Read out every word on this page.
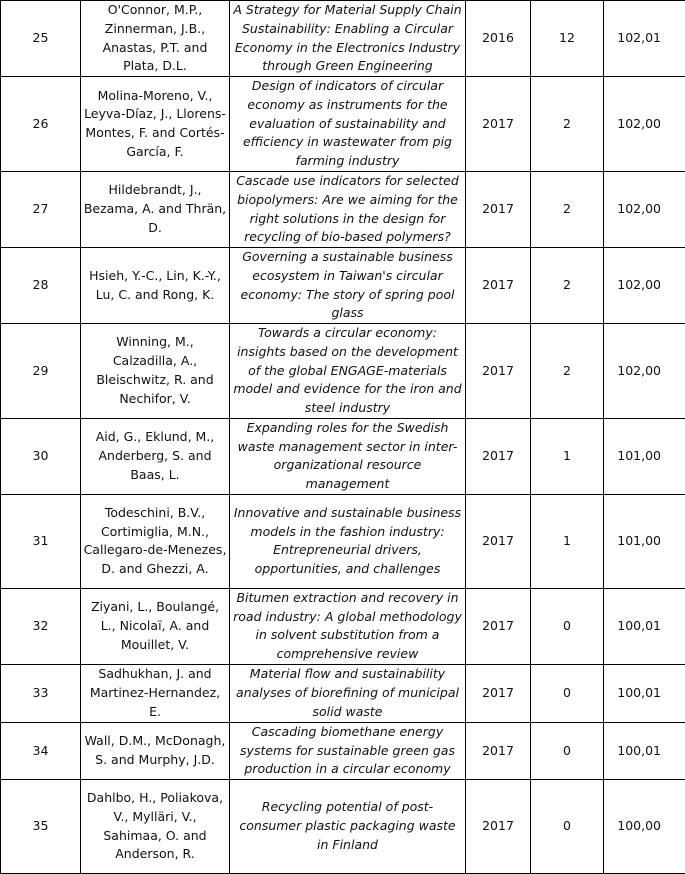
25	O'Connor, M.P., Zinnerman, J.B., Anastas, P.T. and Plata, D.L.	A Strategy for Material Supply Chain Sustainability: Enabling a Circular Economy in the Electronics Industry through Green Engineering	2016	12	102,01
26	Molina-Moreno, V., Leyva-Díaz, J., Llorens-Montes, F. and Cortés-García, F.	Design of indicators of circular economy as instruments for the evaluation of sustainability and efficiency in wastewater from pig farming industry	2017	2	102,00
27	Hildebrandt, J., Bezama, A. and Thrän, D.	Cascade use indicators for selected biopolymers: Are we aiming for the right solutions in the design for recycling of bio-based polymers?	2017	2	102,00
28	Hsieh, Y.-C., Lin, K.-Y., Lu, C. and Rong, K.	Governing a sustainable business ecosystem in Taiwan's circular economy: The story of spring pool glass	2017	2	102,00
29	Winning, M., Calzadilla, A., Bleischwitz, R. and Nechifor, V.	Towards a circular economy: insights based on the development of the global ENGAGE-materials model and evidence for the iron and steel industry	2017	2	102,00
30	Aid, G., Eklund, M., Anderberg, S. and Baas, L.	Expanding roles for the Swedish waste management sector in inter-organizational resource management	2017	1	101,00
31	Todeschini, B.V., Cortimiglia, M.N., Callegaro-de-Menezes, D. and Ghezzi, A.	Innovative and sustainable business models in the fashion industry: Entrepreneurial drivers, opportunities, and challenges	2017	1	101,00
32	Ziyani, L., Boulangé, L., Nicolaï, A. and Mouillet, V.	Bitumen extraction and recovery in road industry: A global methodology in solvent substitution from a comprehensive review	2017	0	100,01
33	Sadhukhan, J. and Martinez-Hernandez, E.	Material flow and sustainability analyses of biorefining of municipal solid waste	2017	0	100,01
34	Wall, D.M., McDonagh, S. and Murphy, J.D.	Cascading biomethane energy systems for sustainable green gas production in a circular economy	2017	0	100,01
35	Dahlbo, H., Poliakova, V., Mylläri, V., Sahimaa, O. and Anderson, R.	Recycling potential of post-consumer plastic packaging waste in Finland	2017	0	100,00
